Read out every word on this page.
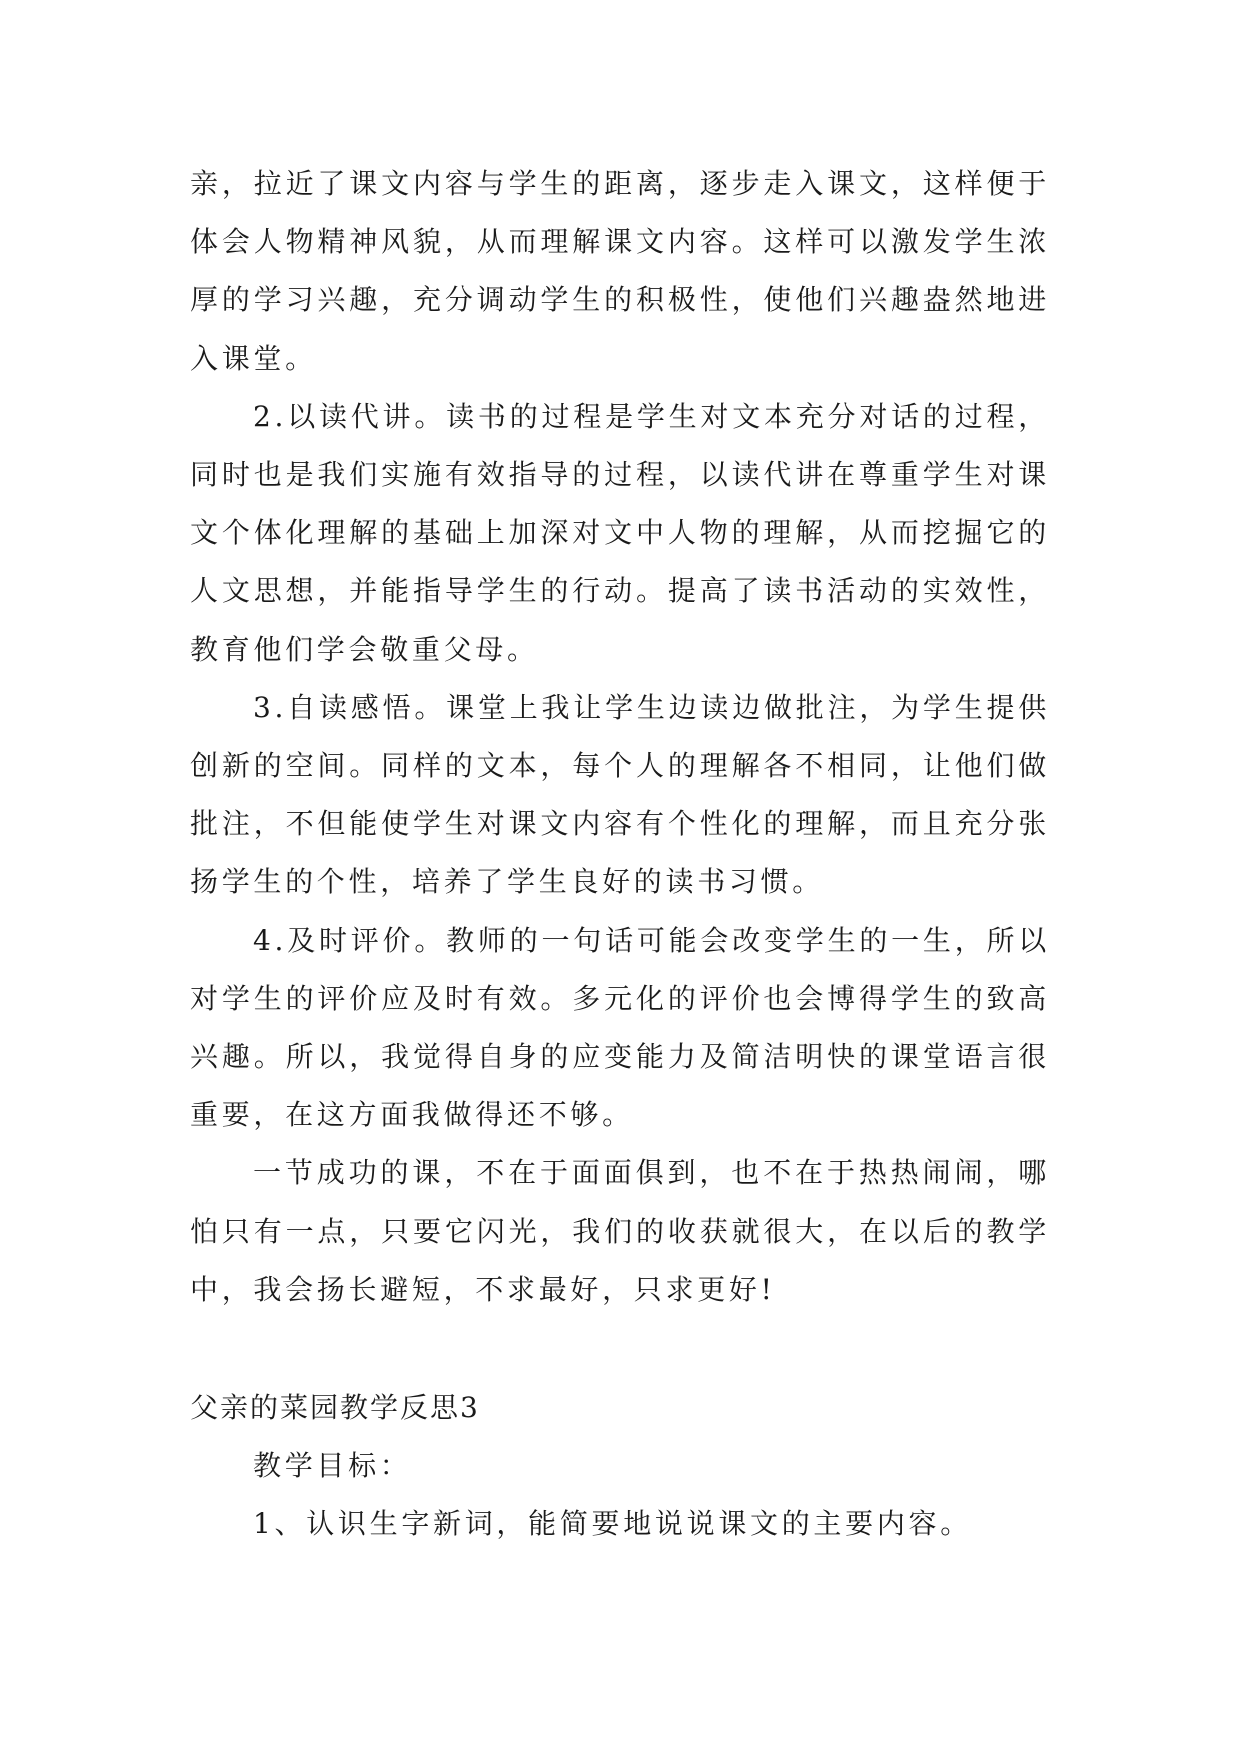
亲，拉近了课文内容与学生的距离，逐步走入课文，这样便于体会人物精神风貌，从而理解课文内容。这样可以激发学生浓厚的学习兴趣，充分调动学生的积极性，使他们兴趣盎然地进入课堂。

2.以读代讲。读书的过程是学生对文本充分对话的过程，同时也是我们实施有效指导的过程，以读代讲在尊重学生对课文个体化理解的基础上加深对文中人物的理解，从而挖掘它的人文思想，并能指导学生的行动。提高了读书活动的实效性，教育他们学会敬重父母。

3.自读感悟。课堂上我让学生边读边做批注，为学生提供创新的空间。同样的文本，每个人的理解各不相同，让他们做批注，不但能使学生对课文内容有个性化的理解，而且充分张扬学生的个性，培养了学生良好的读书习惯。

4.及时评价。教师的一句话可能会改变学生的一生，所以对学生的评价应及时有效。多元化的评价也会博得学生的致高兴趣。所以，我觉得自身的应变能力及简洁明快的课堂语言很重要，在这方面我做得还不够。

一节成功的课，不在于面面俱到，也不在于热热闹闹，哪怕只有一点，只要它闪光，我们的收获就很大，在以后的教学中，我会扬长避短，不求最好，只求更好!

父亲的菜园教学反思3

教学目标：

1、认识生字新词，能简要地说说课文的主要内容。
